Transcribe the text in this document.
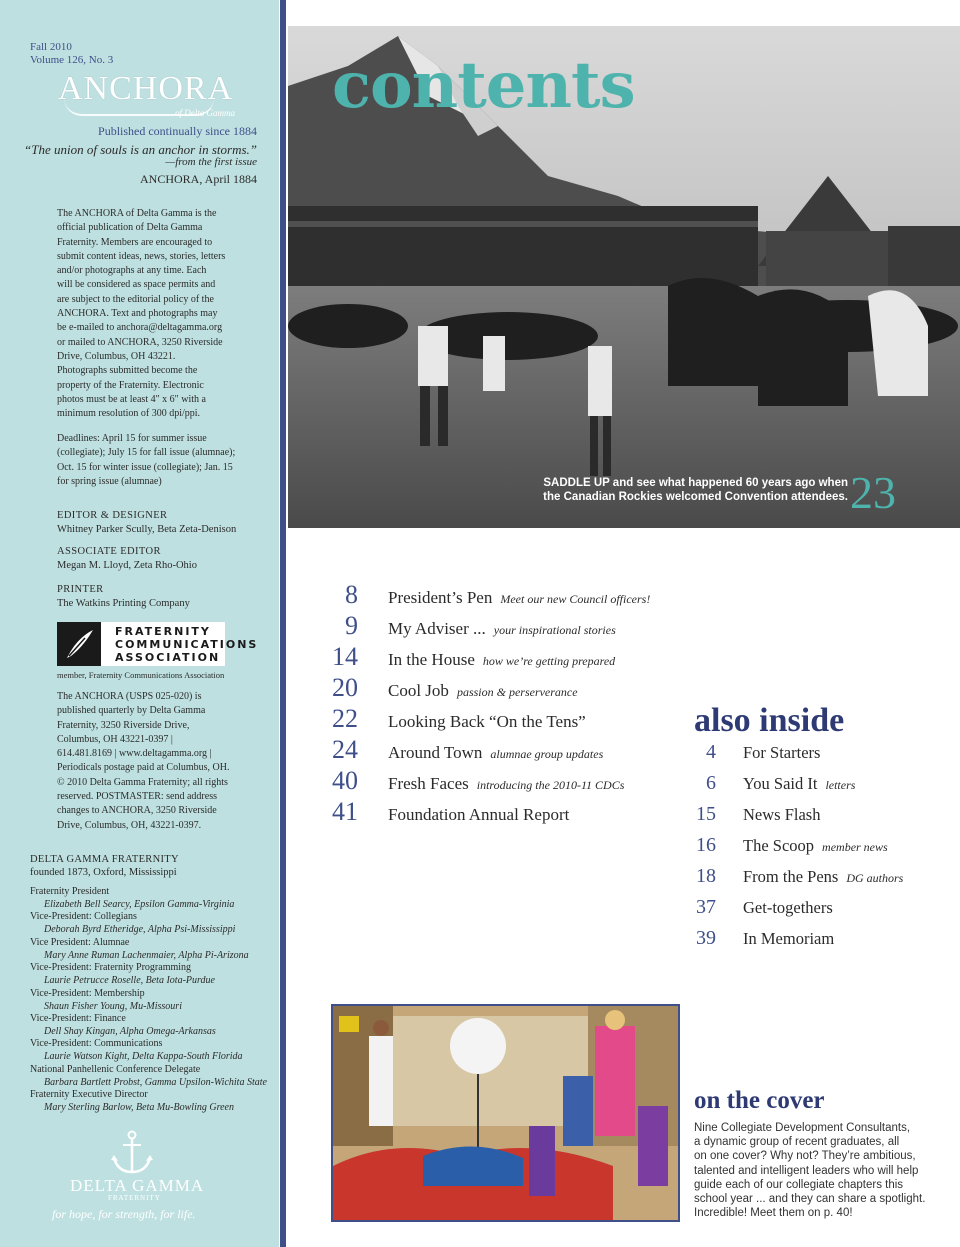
Fall 2010
Volume 126, No. 3
ANCHORA
of Delta Gamma
Published continually since 1884
“The union of souls is an anchor in storms.”
—from the first issue
ANCHORA, April 1884
The ANCHORA of Delta Gamma is the
official publication of Delta Gamma
Fraternity. Members are encouraged to
submit content ideas, news, stories, letters
and/or photographs at any time. Each
will be considered as space permits and
are subject to the editorial policy of the
ANCHORA. Text and photographs may
be e-mailed to anchora@deltagamma.org
or mailed to ANCHORA, 3250 Riverside
Drive, Columbus, OH 43221.
Photographs submitted become the
property of the Fraternity. Electronic
photos must be at least 4" x 6" with a
minimum resolution of 300 dpi/ppi.
Deadlines: April 15 for summer issue
(collegiate); July 15 for fall issue (alumnae);
Oct. 15 for winter issue (collegiate); Jan. 15
for spring issue (alumnae)
EDITOR & DESIGNER
Whitney Parker Scully, Beta Zeta-Denison
ASSOCIATE EDITOR
Megan M. Lloyd, Zeta Rho-Ohio
PRINTER
The Watkins Printing Company
FRATERNITY
COMMUNICATIONS
ASSOCIATION
member, Fraternity Communications Association
The ANCHORA (USPS 025-020) is
published quarterly by Delta Gamma
Fraternity, 3250 Riverside Drive,
Columbus, OH 43221-0397 |
614.481.8169 | www.deltagamma.org |
Periodicals postage paid at Columbus, OH.
© 2010 Delta Gamma Fraternity; all rights
reserved. POSTMASTER: send address
changes to ANCHORA, 3250 Riverside
Drive, Columbus, OH, 43221-0397.
DELTA GAMMA FRATERNITY
founded 1873, Oxford, Mississippi
Fraternity President
Elizabeth Bell Searcy, Epsilon Gamma-Virginia
Vice-President: Collegians
Deborah Byrd Etheridge, Alpha Psi-Mississippi
Vice President: Alumnae
Mary Anne Ruman Lachenmaier, Alpha Pi-Arizona
Vice-President: Fraternity Programming
Laurie Petrucce Roselle, Beta Iota-Purdue
Vice-President: Membership
Shaun Fisher Young, Mu-Missouri
Vice-President: Finance
Dell Shay Kingan, Alpha Omega-Arkansas
Vice-President: Communications
Laurie Watson Kight, Delta Kappa-South Florida
National Panhellenic Conference Delegate
Barbara Bartlett Probst, Gamma Upsilon-Wichita State
Fraternity Executive Director
Mary Sterling Barlow, Beta Mu-Bowling Green
DELTA GAMMA
FRATERNITY
for hope, for strength, for life.
contents
SADDLE UP and see what happened 60 years ago when
the Canadian Rockies welcomed Convention attendees. 23
8 President’s Pen Meet our new Council officers!
9 My Adviser ... your inspirational stories
14 In the House how we’re getting prepared
20 Cool Job passion & perserverance
22 Looking Back “On the Tens”
24 Around Town alumnae group updates
40 Fresh Faces introducing the 2010-11 CDCs
41 Foundation Annual Report
also inside
4 For Starters
6 You Said It letters
15 News Flash
16 The Scoop member news
18 From the Pens DG authors
37 Get-togethers
39 In Memoriam
on the cover
Nine Collegiate Development Consultants,
a dynamic group of recent graduates, all
on one cover? Why not? They’re ambitious,
talented and intelligent leaders who will help
guide each of our collegiate chapters this
school year ... and they can share a spotlight.
Incredible! Meet them on p. 40!
